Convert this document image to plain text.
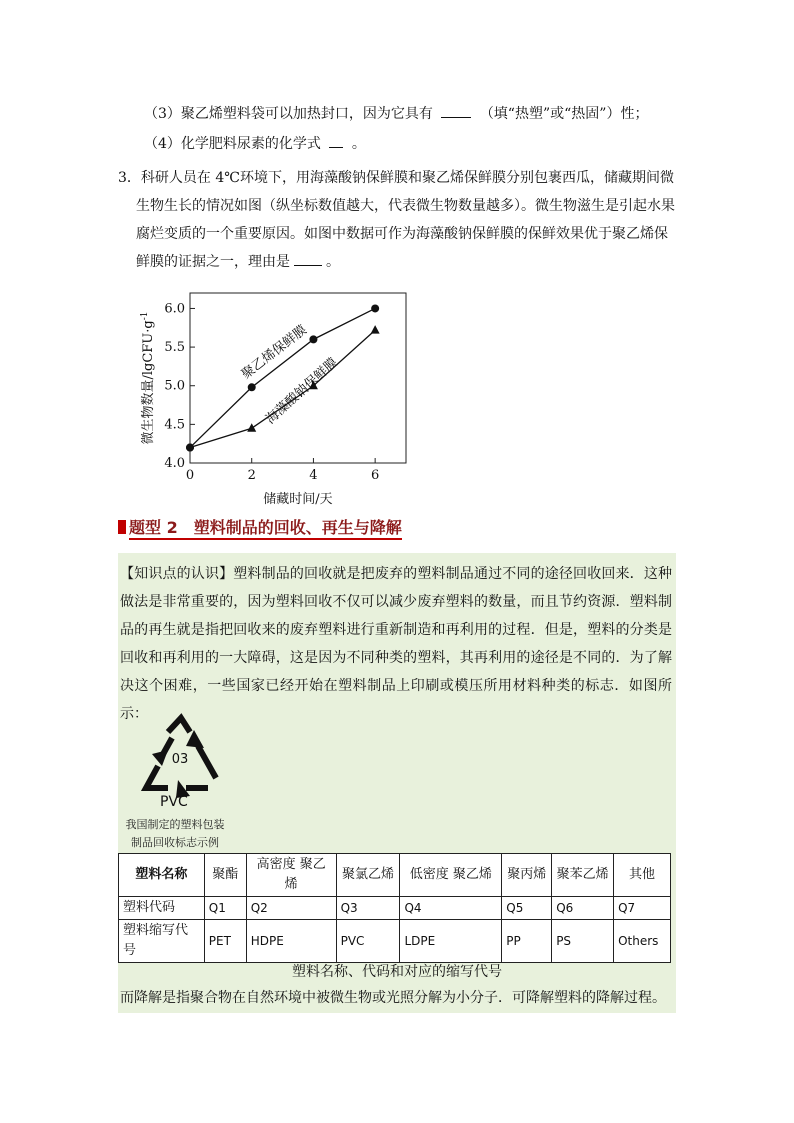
（3）聚乙烯塑料袋可以加热封口，因为它具有	（填“热塑”或“热固”）性；
（4）化学肥料尿素的化学式 。

3．科研人员在 4℃环境下，用海藻酸钠保鲜膜和聚乙烯保鲜膜分别包裹西瓜，储藏期间微

生物生长的情况如图（纵坐标数值越大，代表微生物数量越多）。微生物滋生是引起水果

腐烂变质的一个重要原因。如图中数据可作为海藻酸钠保鲜膜的保鲜效果优于聚乙烯保

鲜膜的证据之一，理由是	。

4.0
4.5
5.0
5.5
6.0
0	2	4	6
聚乙烯保鲜膜
海藻酸钠保鲜膜
储藏时间/天
微生物数量$/lgCFU\cdot g^{-1}$
题型 2　塑料制品的回收、再生与降解
【知识点的认识】塑料制品的回收就是把废弃的塑料制品通过不同的途径回收回来．这种做法是非常重要的，因为塑料回收不仅可以减少废弃塑料的数量，而且节约资源．塑料制品的再生就是指把回收来的废弃塑料进行重新制造和再利用的过程．但是，塑料的分类是回收和再利用的一大障碍，这是因为不同种类的塑料，其再利用的途径是不同的．为了解决这个困难，一些国家已经开始在塑料制品上印刷或模压所用材料种类的标志．如图所示：
03
PVC
我国制定的塑料包装
制品回收标志示例
塑料名称	聚酯	高密度 聚乙烯	聚氯乙烯	低密度 聚乙烯	聚丙烯	聚苯乙烯	其他
塑料代码	Q1	Q2	Q3	Q4	Q5	Q6	Q7
塑料缩写代号	PET	HDPE	PVC	LDPE	PP	PS	Others
塑料名称、代码和对应的缩写代号
而降解是指聚合物在自然环境中被微生物或光照分解为小分子．可降解塑料的降解过程。
